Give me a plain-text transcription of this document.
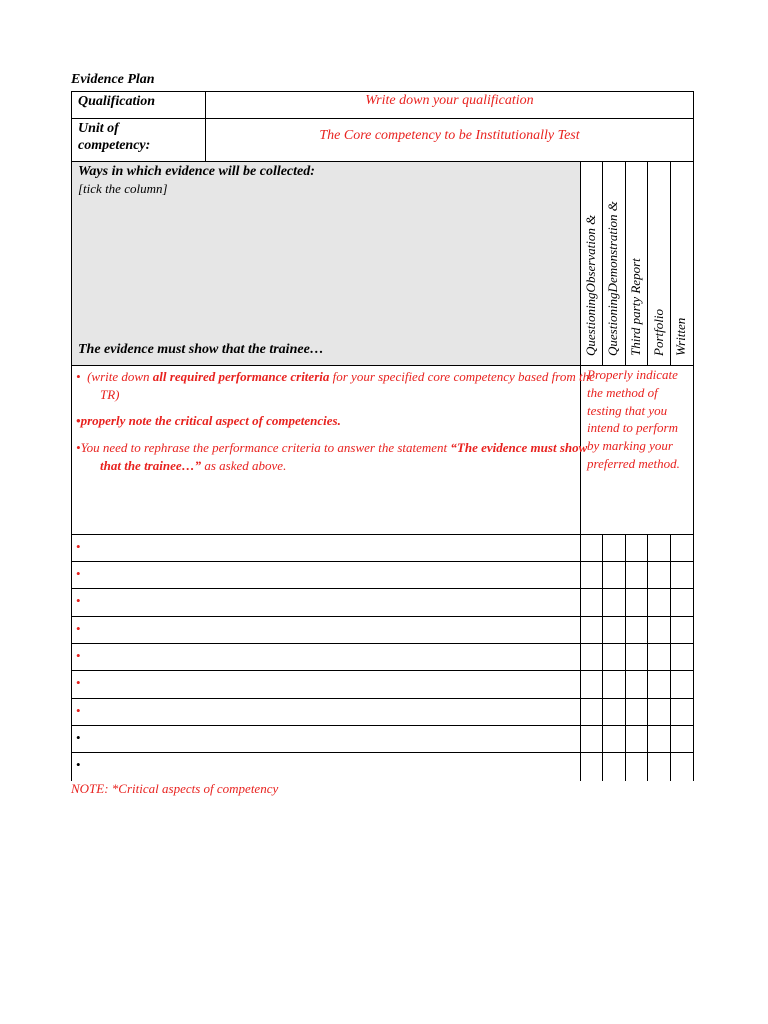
Evidence Plan
Qualification	Write down your qualification
Unit of
competency:
The Core competency to be Institutionally Test
Ways in which evidence will be collected:
[tick the column]
The evidence must show that the trainee…	QuestioningObservation & QuestioningDemonstration & Third party Report Portfolio Written
• (write down all required performance criteria for your specified core competency based from the TR)
•properly note the critical aspect of competencies.
•You need to rephrase the performance criteria to answer the statement “The evidence must show that the trainee…” as asked above.
Properly indicate the method of testing that you intend to perform by marking your preferred method.
•
•
•
•
•
•
•
•
•
NOTE: *Critical aspects of competency
